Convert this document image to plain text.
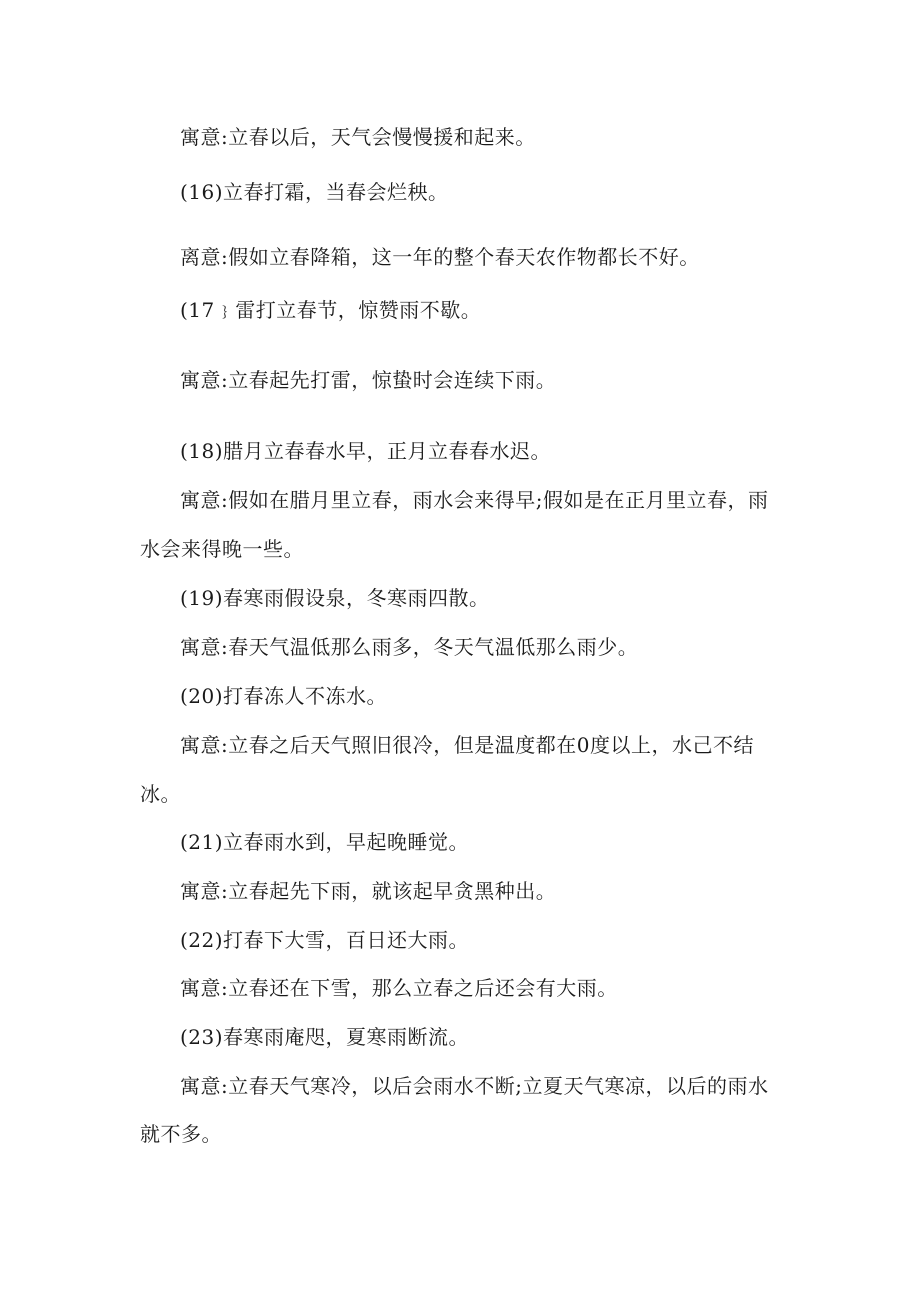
寓意:立春以后，天气会慢慢援和起来。
(16)立春打霜，当春会烂秧。
离意:假如立春降箱，这一年的整个春天农作物都长不好。
(17﹜雷打立春节，惊赞雨不歇。
寓意:立春起先打雷，惊蛰时会连续下雨。
(18)腊月立春春水早，正月立春春水迟。
寓意:假如在腊月里立春，雨水会来得早;假如是在正月里立春，雨
水会来得晚一些。
(19)春寒雨假设泉，冬寒雨四散。
寓意:春天气温低那么雨多，冬天气温低那么雨少。
(20)打春冻人不冻水。
寓意:立春之后天气照旧很冷，但是温度都在0度以上，水己不结
冰。
(21)立春雨水到，早起晚睡觉。
寓意:立春起先下雨，就该起早贪黑种出。
(22)打春下大雪，百日还大雨。
寓意:立春还在下雪，那么立春之后还会有大雨。
(23)春寒雨庵咫，夏寒雨断流。
寓意:立春天气寒冷，以后会雨水不断;立夏天气寒凉，以后的雨水
就不多。
